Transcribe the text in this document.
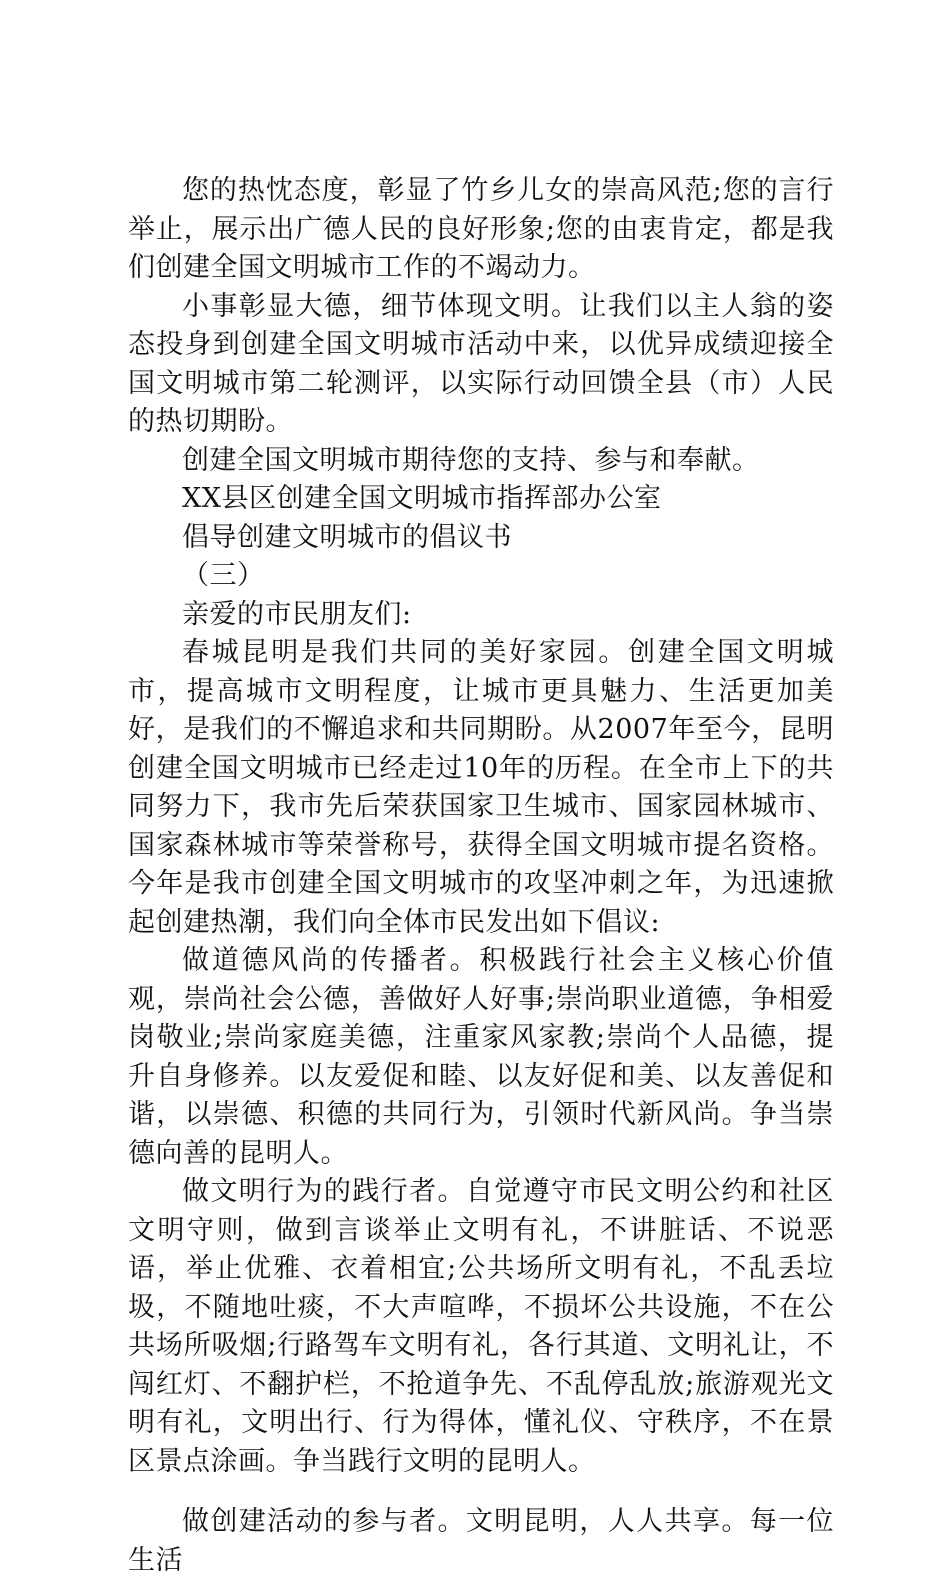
您的热忱态度，彰显了竹乡儿女的崇高风范;您的言行举止，展示出广德人民的良好形象;您的由衷肯定，都是我们创建全国文明城市工作的不竭动力。

小事彰显大德，细节体现文明。让我们以主人翁的姿态投身到创建全国文明城市活动中来，以优异成绩迎接全国文明城市第二轮测评，以实际行动回馈全县（市）人民的热切期盼。

创建全国文明城市期待您的支持、参与和奉献。

XX县区创建全国文明城市指挥部办公室

倡导创建文明城市的倡议书

（三）

亲爱的市民朋友们:

春城昆明是我们共同的美好家园。创建全国文明城市，提高城市文明程度，让城市更具魅力、生活更加美好，是我们的不懈追求和共同期盼。从2007年至今，昆明创建全国文明城市已经走过10年的历程。在全市上下的共同努力下，我市先后荣获国家卫生城市、国家园林城市、国家森林城市等荣誉称号，获得全国文明城市提名资格。今年是我市创建全国文明城市的攻坚冲刺之年，为迅速掀起创建热潮，我们向全体市民发出如下倡议:

做道德风尚的传播者。积极践行社会主义核心价值观，崇尚社会公德，善做好人好事;崇尚职业道德，争相爱岗敬业;崇尚家庭美德，注重家风家教;崇尚个人品德，提升自身修养。以友爱促和睦、以友好促和美、以友善促和谐，以崇德、积德的共同行为，引领时代新风尚。争当崇德向善的昆明人。

做文明行为的践行者。自觉遵守市民文明公约和社区文明守则，做到言谈举止文明有礼，不讲脏话、不说恶语，举止优雅、衣着相宜;公共场所文明有礼，不乱丢垃圾，不随地吐痰，不大声喧哗，不损坏公共设施，不在公共场所吸烟;行路驾车文明有礼，各行其道、文明礼让，不闯红灯、不翻护栏，不抢道争先、不乱停乱放;旅游观光文明有礼，文明出行、行为得体，懂礼仪、守秩序，不在景区景点涂画。争当践行文明的昆明人。

做创建活动的参与者。文明昆明，人人共享。每一位生活
